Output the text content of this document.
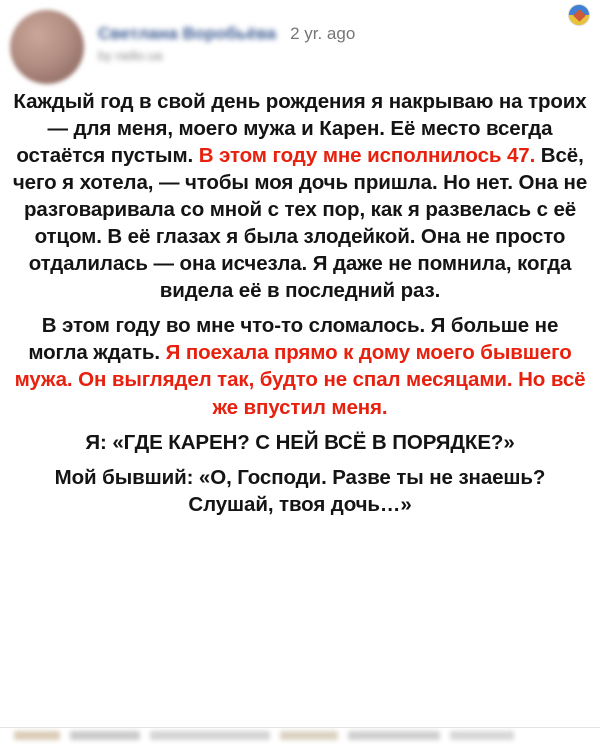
Светлана Воробьёва 2 yr. ago
by radio.ua

Каждый год в свой день рождения я накрываю на троих — для меня, моего мужа и Карен. Её место всегда остаётся пустым. В этом году мне исполнилось 47. Всё, чего я хотела, — чтобы моя дочь пришла. Но нет. Она не разговаривала со мной с тех пор, как я развелась с её отцом. В её глазах я была злодейкой. Она не просто отдалилась — она исчезла. Я даже не помнила, когда видела её в последний раз.

В этом году во мне что-то сломалось. Я больше не могла ждать. Я поехала прямо к дому моего бывшего мужа. Он выглядел так, будто не спал месяцами. Но всё же впустил меня.

Я: «ГДЕ КАРЕН? С НЕЙ ВСЁ В ПОРЯДКЕ?»

Мой бывший: «О, Господи. Разве ты не знаешь? Слушай, твоя дочь…»
